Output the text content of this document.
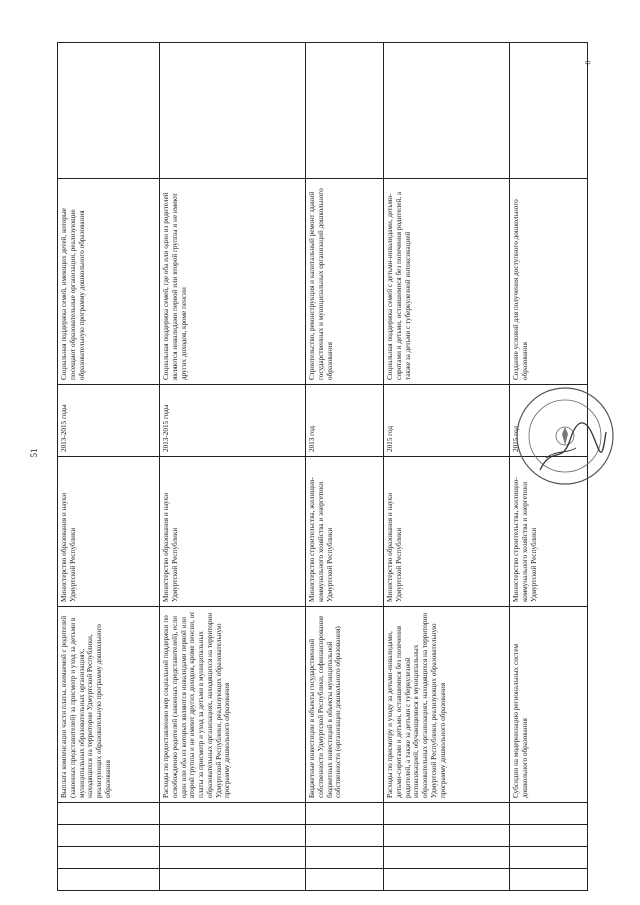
51
8
				Выплата компенсации части платы, взимаемой с родителей (законных представителей) за присмотр и уход за детьми в муниципальных образовательных организациях, находящихся на территории Удмуртской Республики, реализующих образовательную программу дошкольного образования	Министерство образования и науки Удмуртской Республики	2013-2015 годы	Социальная поддержка семей, имеющих детей, которые посещают образовательные организации, реализующие образовательную программу дошкольного образования	
				Расходы по предоставлению мер социальной поддержки по освобождению родителей (законных представителей), если один или оба из которых являются инвалидами первой или второй группы и не имеют других доходов, кроме пенсии, от платы за присмотр и уход за детьми в муниципальных образовательных организациях, находящихся на территории Удмуртской Республики, реализующих образовательную программу дошкольного образования	Министерство образования и науки Удмуртской Республики	2013-2015 годы	Социальная поддержка семей, где оба или один из родителей являются инвалидами первой или второй группы и не имеют других доходов, кроме пенсии	
				Бюджетные инвестиции в объекты государственной собственности Удмуртской Республики, софинансирование бюджетных инвестиций в объекты муниципальной собственности (организации дошкольного образования)	Министерство строительства, жилищно-коммунального хозяйства и энергетики Удмуртской Республики	2013 год	Строительство, реконструкция и капитальный ремонт зданий государственных и муниципальных организаций дошкольного образования	
				Расходы по присмотру и уходу за детьми-инвалидами, детьми-сиротами и детьми, оставшимися без попечения родителей, а также за детьми с туберкулезной интоксикацией, обучающимися в муниципальных образовательных организациях, находящихся на территории Удмуртской Республики, реализующих образовательную программу дошкольного образования	Министерство образования и науки Удмуртской Республики	2015 год	Социальная поддержка семей с детьми-инвалидами, детьми-сиротами и детьми, оставшимися без попечения родителей, а также за детьми с туберкулезной интоксикацией	
				Субсидии на модернизацию региональных систем дошкольного образования	Министерство строительства, жилищно-коммунального хозяйства и энергетики Удмуртской Республики	2015 год	Создание условий для получения доступного дошкольного образования	
